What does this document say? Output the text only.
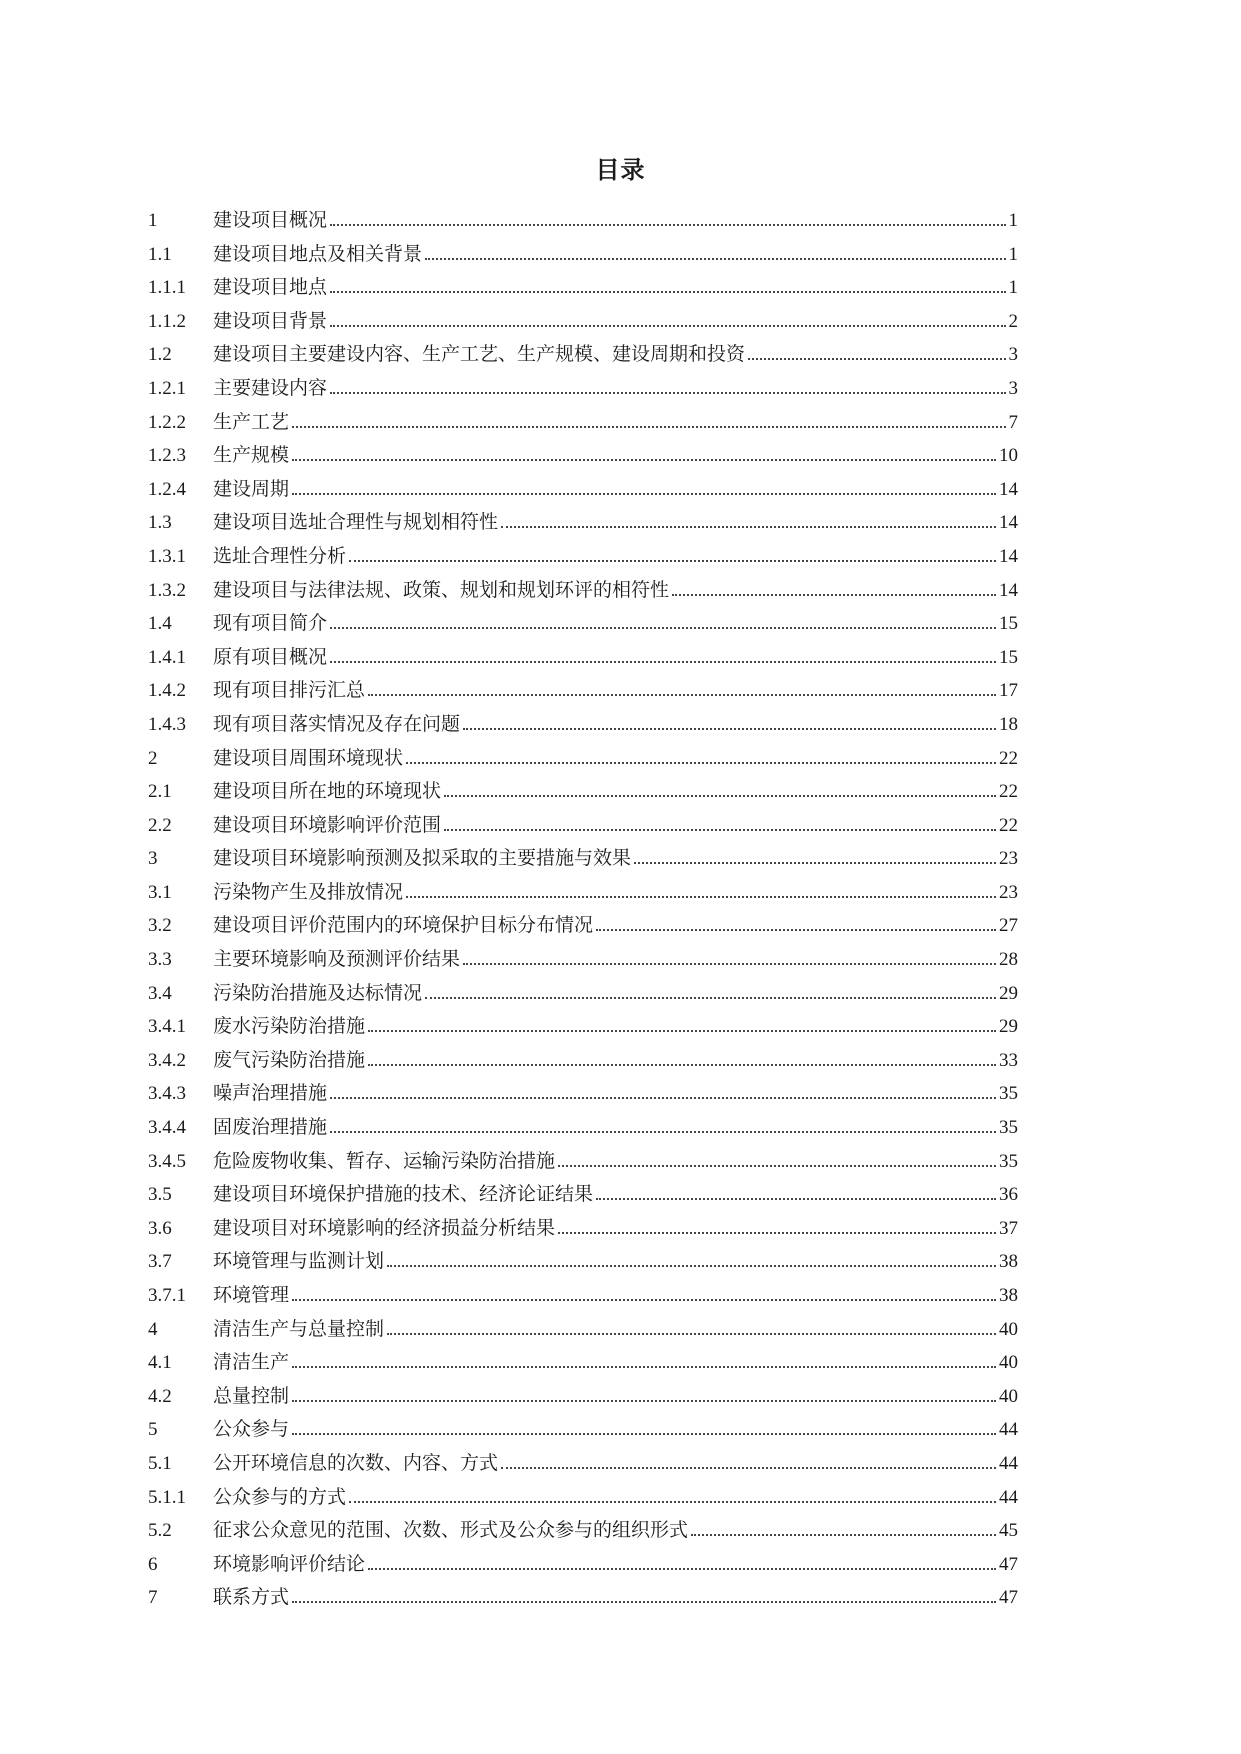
目录
1	建设项目概况	1
1.1	建设项目地点及相关背景	1
1.1.1	建设项目地点	1
1.1.2	建设项目背景	2
1.2	建设项目主要建设内容、生产工艺、生产规模、建设周期和投资	3
1.2.1	主要建设内容	3
1.2.2	生产工艺	7
1.2.3	生产规模	10
1.2.4	建设周期	14
1.3	建设项目选址合理性与规划相符性	14
1.3.1	选址合理性分析	14
1.3.2	建设项目与法律法规、政策、规划和规划环评的相符性	14
1.4	现有项目简介	15
1.4.1	原有项目概况	15
1.4.2	现有项目排污汇总	17
1.4.3	现有项目落实情况及存在问题	18
2	建设项目周围环境现状	22
2.1	建设项目所在地的环境现状	22
2.2	建设项目环境影响评价范围	22
3	建设项目环境影响预测及拟采取的主要措施与效果	23
3.1	污染物产生及排放情况	23
3.2	建设项目评价范围内的环境保护目标分布情况	27
3.3	主要环境影响及预测评价结果	28
3.4	污染防治措施及达标情况	29
3.4.1	废水污染防治措施	29
3.4.2	废气污染防治措施	33
3.4.3	噪声治理措施	35
3.4.4	固废治理措施	35
3.4.5	危险废物收集、暂存、运输污染防治措施	35
3.5	建设项目环境保护措施的技术、经济论证结果	36
3.6	建设项目对环境影响的经济损益分析结果	37
3.7	环境管理与监测计划	38
3.7.1	环境管理	38
4	清洁生产与总量控制	40
4.1	清洁生产	40
4.2	总量控制	40
5	公众参与	44
5.1	公开环境信息的次数、内容、方式	44
5.1.1	公众参与的方式	44
5.2	征求公众意见的范围、次数、形式及公众参与的组织形式	45
6	环境影响评价结论	47
7	联系方式	47
